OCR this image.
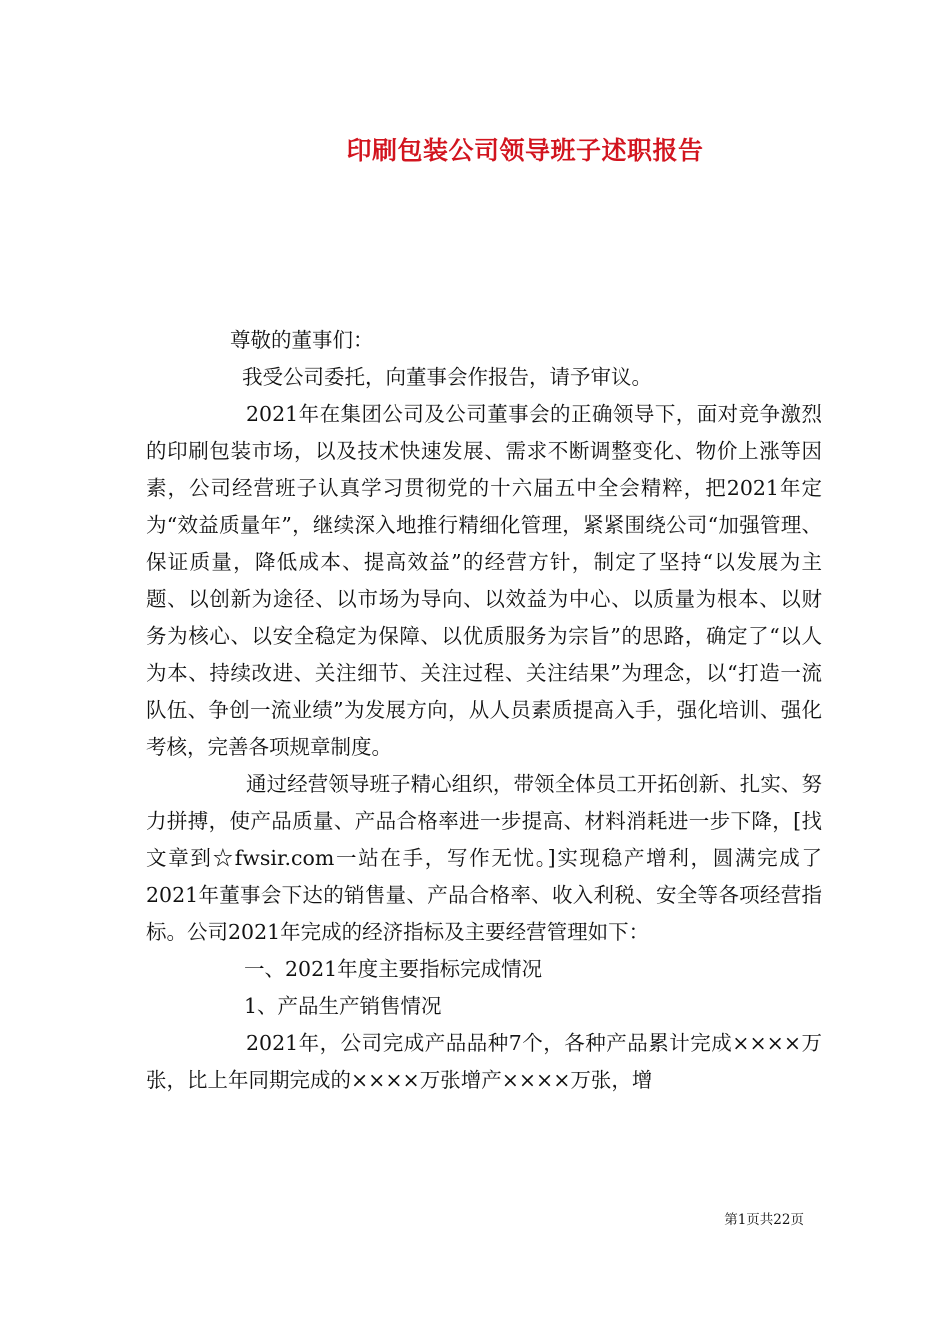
印刷包装公司领导班子述职报告

尊敬的董事们：

我受公司委托，向董事会作报告，请予审议。

2021年在集团公司及公司董事会的正确领导下，面对竞争激烈的印刷包装市场，以及技术快速发展、需求不断调整变化、物价上涨等因素，公司经营班子认真学习贯彻党的十六届五中全会精粹，把2021年定为“效益质量年”，继续深入地推行精细化管理，紧紧围绕公司“加强管理、保证质量，降低成本、提高效益”的经营方针，制定了坚持“以发展为主题、以创新为途径、以市场为导向、以效益为中心、以质量为根本、以财务为核心、以安全稳定为保障、以优质服务为宗旨”的思路，确定了“以人为本、持续改进、关注细节、关注过程、关注结果”为理念，以“打造一流队伍、争创一流业绩”为发展方向，从人员素质提高入手，强化培训、强化考核，完善各项规章制度。

通过经营领导班子精心组织，带领全体员工开拓创新、扎实、努力拼搏，使产品质量、产品合格率进一步提高、材料消耗进一步下降，[找文章到☆fwsir.com一站在手，写作无忧。]实现稳产增利，圆满完成了2021年董事会下达的销售量、产品合格率、收入利税、安全等各项经营指标。公司2021年完成的经济指标及主要经营管理如下：

一、2021年度主要指标完成情况

1、产品生产销售情况

2021年，公司完成产品品种7个，各种产品累计完成××××万张，比上年同期完成的××××万张增产××××万张，增

第1页共22页
